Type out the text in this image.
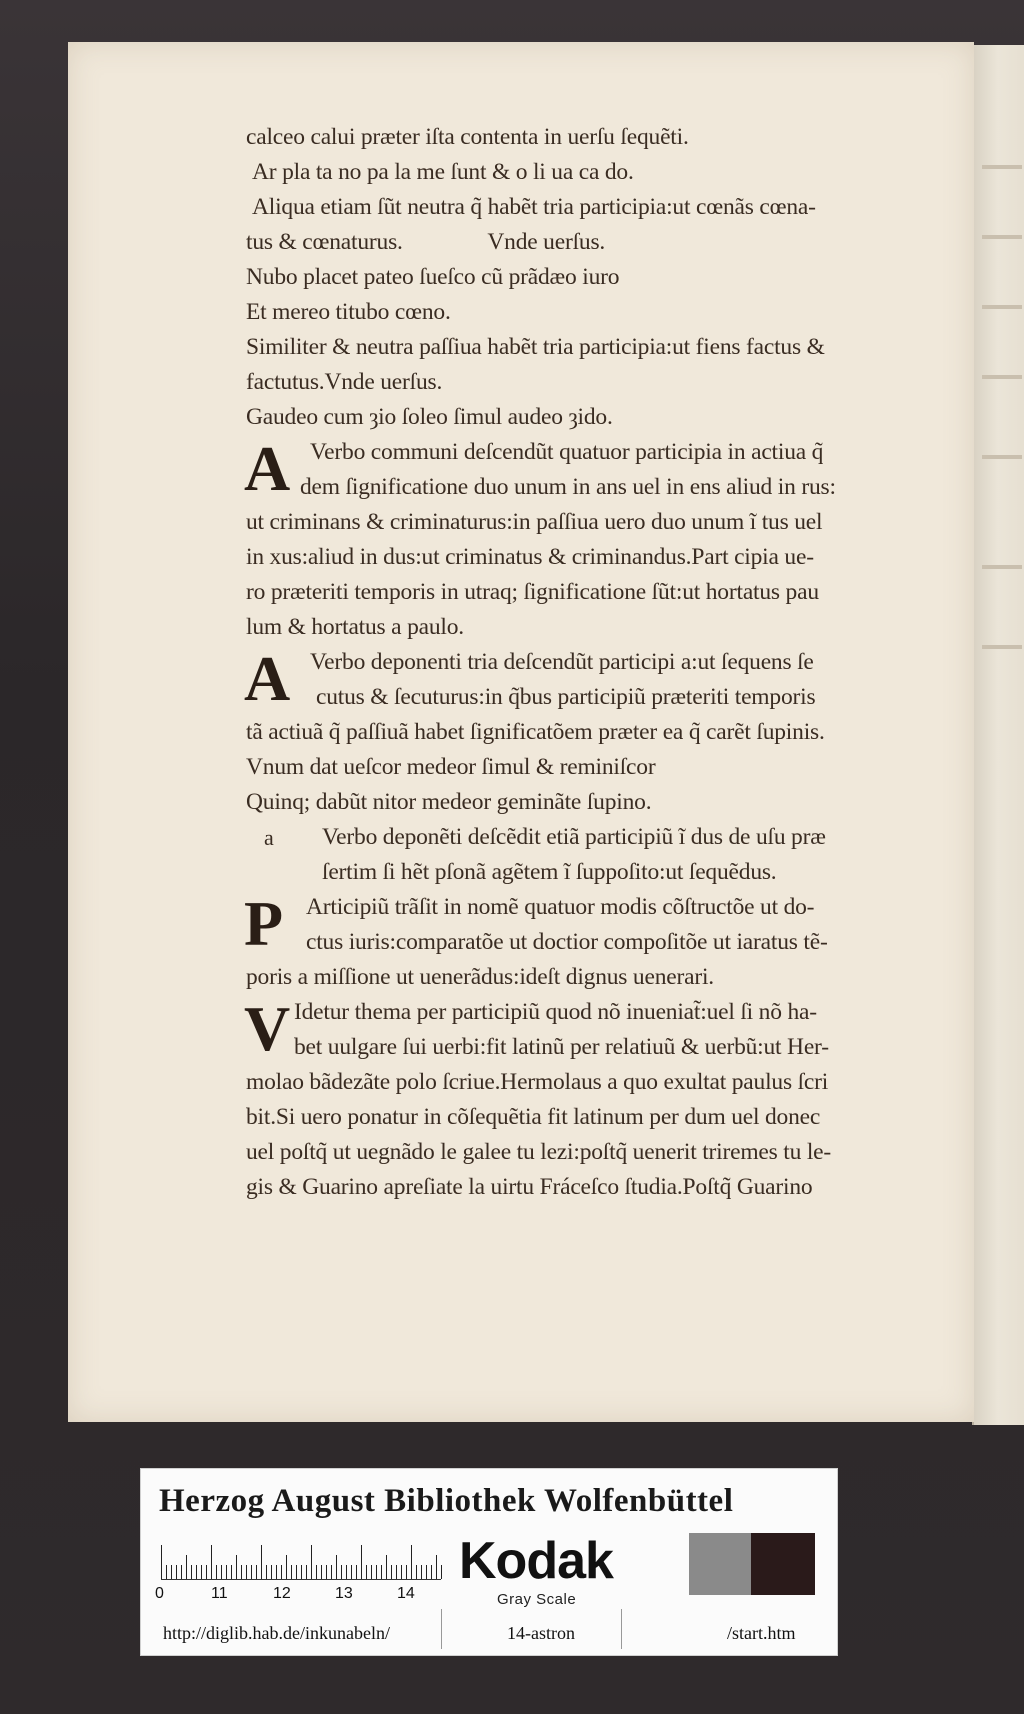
calceo calui præter iſta contenta in uerſu ſequẽti.
Ar pla ta no pa la me ſunt & o li ua ca do.
Aliqua etiam ſũt neutra q̃ habẽt tria participia:ut cœnãs cœna-
tus & cœnaturus.               Vnde uerſus.
Nubo placet pateo ſueſco cũ prãdæo iuro
Et mereo titubo cœno.
Similiter & neutra paſſiua habẽt tria participia:ut fiens factus &
factutus.Vnde uerſus.
Gaudeo cum ȝio ſoleo ſimul audeo ȝido.
A Verbo communi deſcendũt quatuor participia in actiua q̃
dem ſignificatione duo unum in ans uel in ens aliud in rus:
ut criminans & criminaturus:in paſſiua uero duo unum ĩ tus uel
in xus:aliud in dus:ut criminatus & criminandus.Part cipia ue-
ro præteriti temporis in utraq; ſignificatione ſũt:ut hortatus pau
lum & hortatus a paulo.
A Verbo deponenti tria deſcendũt participi a:ut ſequens ſe
cutus & ſecuturus:in q̃bus participiũ præteriti temporis
tã actiuã q̃ paſſiuã habet ſignificatõem præter ea q̃ carẽt ſupinis.
Vnum dat ueſcor medeor ſimul & reminiſcor
Quinq; dabũt nitor medeor geminãte ſupino.
a	Verbo deponẽti deſcẽdit etiã participiũ ĩ dus de uſu præ
ſertim ſi hẽt pſonã agẽtem ĩ ſuppoſito:ut ſequẽdus.
P Articipiũ trãſit in nomẽ quatuor modis cõſtructõe ut do-
ctus iuris:comparatõe ut doctior compoſitõe ut iaratus tẽ-
poris a miſſione ut uenerãdus:ideſt dignus uenerari.
V Idetur thema per participiũ quod nõ inueniat̃:uel ſi nõ ha-
bet uulgare ſui uerbi:fit latinũ per relatiuũ & uerbũ:ut Her-
molao bãdezãte polo ſcriue.Hermolaus a quo exultat paulus ſcri
bit.Si uero ponatur in cõſequẽtia fit latinum per dum uel donec
uel poſtq̃ ut uegnãdo le galee tu lezi:poſtq̃ uenerit triremes tu le-
gis & Guarino apreſiate la uirtu Fráceſco ſtudia.Poſtq̃ Guarino
Herzog August Bibliothek Wolfenbüttel
0	11	12	13	14
Kodak
Gray Scale
http://diglib.hab.de/inkunabeln/	14-astron	/start.htm
